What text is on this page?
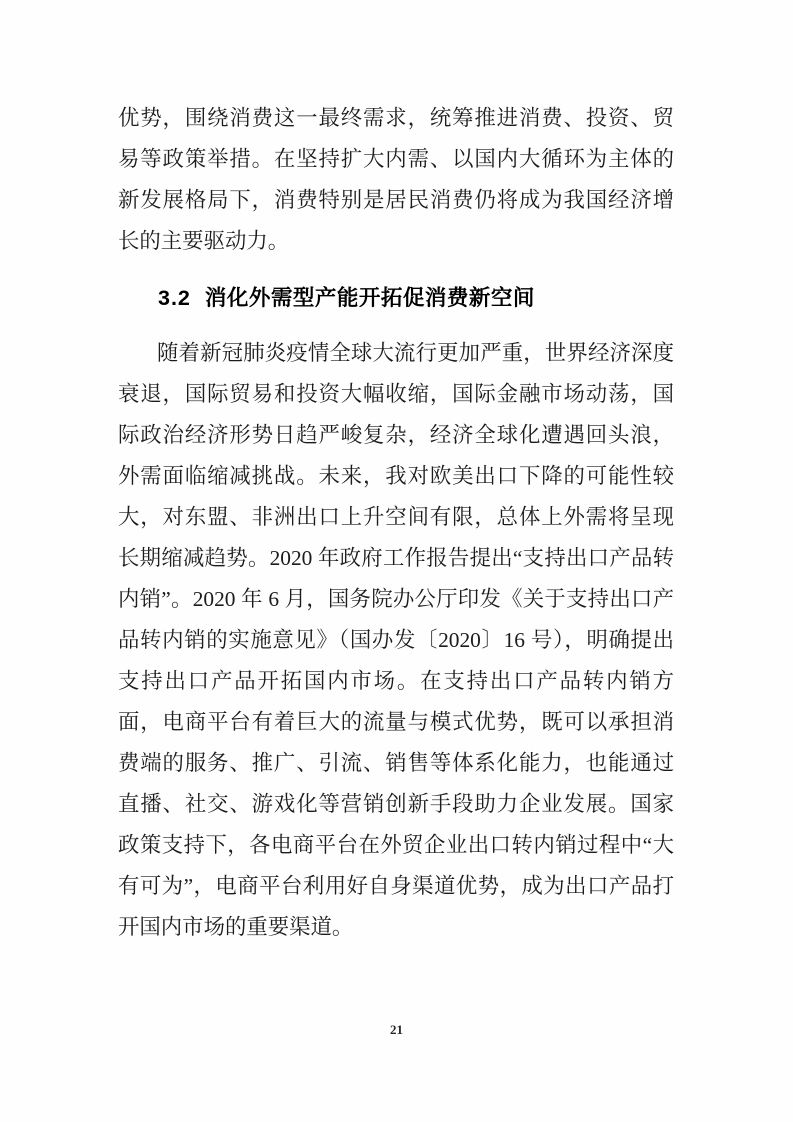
优势，围绕消费这一最终需求，统筹推进消费、投资、贸易等政策举措。在坚持扩大内需、以国内大循环为主体的新发展格局下，消费特别是居民消费仍将成为我国经济增长的主要驱动力。

3.2 消化外需型产能开拓促消费新空间

随着新冠肺炎疫情全球大流行更加严重，世界经济深度衰退，国际贸易和投资大幅收缩，国际金融市场动荡，国际政治经济形势日趋严峻复杂，经济全球化遭遇回头浪，外需面临缩减挑战。未来，我对欧美出口下降的可能性较大，对东盟、非洲出口上升空间有限，总体上外需将呈现长期缩减趋势。2020 年政府工作报告提出“支持出口产品转内销”。2020 年 6 月，国务院办公厅印发《关于支持出口产品转内销的实施意见》（国办发〔2020〕16 号），明确提出支持出口产品开拓国内市场。在支持出口产品转内销方面，电商平台有着巨大的流量与模式优势，既可以承担消费端的服务、推广、引流、销售等体系化能力，也能通过直播、社交、游戏化等营销创新手段助力企业发展。国家政策支持下，各电商平台在外贸企业出口转内销过程中“大有可为”，电商平台利用好自身渠道优势，成为出口产品打开国内市场的重要渠道。

21
